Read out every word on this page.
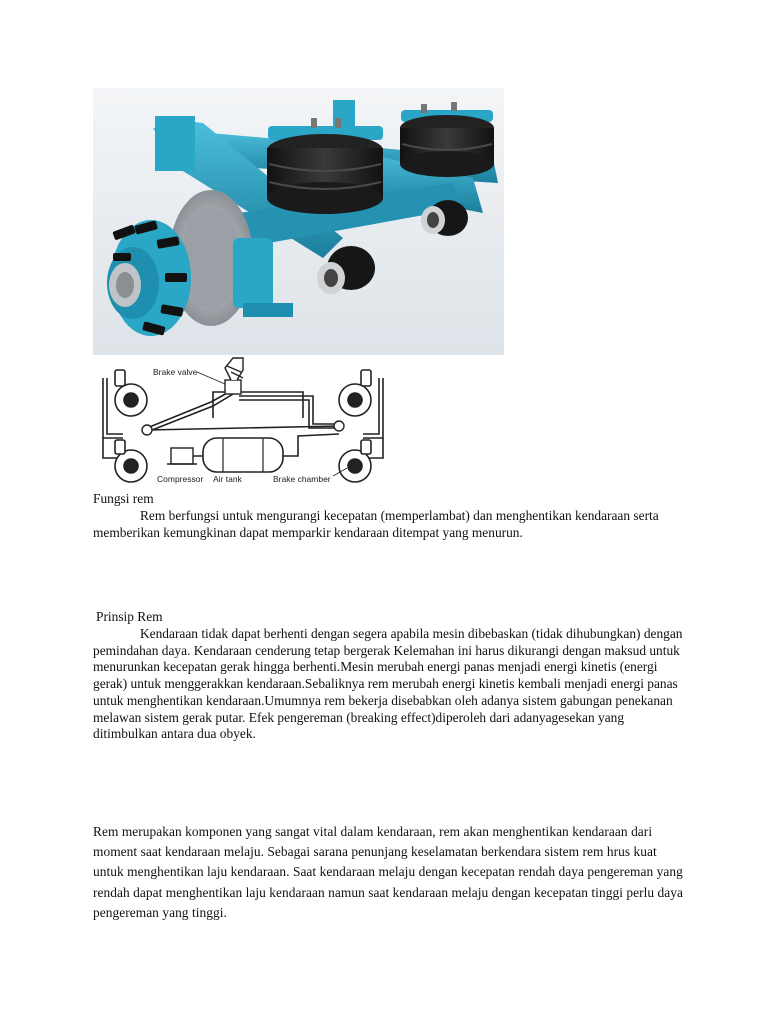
Brake valve
Compressor Air tank	Brake chamber

Fungsi rem

Rem berfungsi untuk mengurangi kecepatan (memperlambat) dan menghentikan kendaraan serta memberikan kemungkinan dapat memparkir kendaraan ditempat yang menurun.

Prinsip Rem

Kendaraan tidak dapat berhenti dengan segera apabila mesin dibebaskan (tidak dihubungkan) dengan pemindahan daya. Kendaraan cenderung tetap bergerak Kelemahan ini harus dikurangi dengan maksud untuk menurunkan kecepatan gerak hingga berhenti.Mesin merubah energi panas menjadi energi kinetis (energi gerak) untuk menggerakkan kendaraan.Sebaliknya rem merubah energi kinetis kembali menjadi energi panas untuk menghentikan kendaraan.Umumnya rem bekerja disebabkan oleh adanya sistem gabungan penekanan melawan sistem gerak putar. Efek pengereman (breaking effect)diperoleh dari adanyagesekan yang ditimbulkan antara dua obyek.

Rem merupakan komponen yang sangat vital dalam kendaraan, rem akan menghentikan kendaraan dari moment saat kendaraan melaju. Sebagai sarana penunjang keselamatan berkendara sistem rem hrus kuat untuk menghentikan laju kendaraan. Saat kendaraan melaju dengan kecepatan rendah daya pengereman yang rendah dapat menghentikan laju kendaraan namun saat kendaraan melaju dengan kecepatan tinggi perlu daya pengereman yang tinggi.
